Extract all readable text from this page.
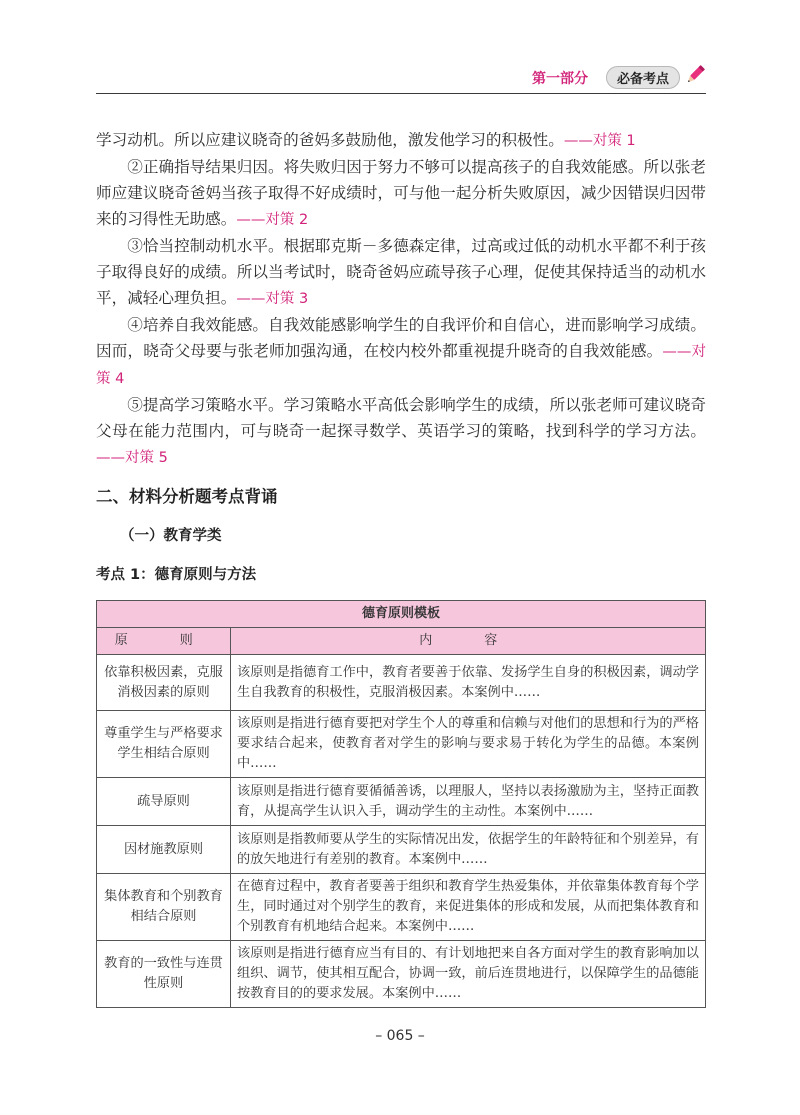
第一部分	必备考点

学习动机。所以应建议晓奇的爸妈多鼓励他，激发他学习的积极性。——对策 1

②正确指导结果归因。将失败归因于努力不够可以提高孩子的自我效能感。所以张老师应建议晓奇爸妈当孩子取得不好成绩时，可与他一起分析失败原因，减少因错误归因带来的习得性无助感。——对策 2

③恰当控制动机水平。根据耶克斯－多德森定律，过高或过低的动机水平都不利于孩子取得良好的成绩。所以当考试时，晓奇爸妈应疏导孩子心理，促使其保持适当的动机水平，减轻心理负担。——对策 3

④培养自我效能感。自我效能感影响学生的自我评价和自信心，进而影响学习成绩。因而，晓奇父母要与张老师加强沟通，在校内校外都重视提升晓奇的自我效能感。——对策 4

⑤提高学习策略水平。学习策略水平高低会影响学生的成绩，所以张老师可建议晓奇父母在能力范围内，可与晓奇一起探寻数学、英语学习的策略，找到科学的学习方法。——对策 5

二、材料分析题考点背诵
（一）教育学类
考点 1：德育原则与方法
德育原则模板	
原　则	内　容
依靠积极因素，克服消极因素的原则	该原则是指德育工作中，教育者要善于依靠、发扬学生自身的积极因素，调动学生自我教育的积极性，克服消极因素。本案例中……
尊重学生与严格要求学生相结合原则	该原则是指进行德育要把对学生个人的尊重和信赖与对他们的思想和行为的严格要求结合起来，使教育者对学生的影响与要求易于转化为学生的品德。本案例中……
疏导原则	该原则是指进行德育要循循善诱，以理服人，坚持以表扬激励为主，坚持正面教育，从提高学生认识入手，调动学生的主动性。本案例中……
因材施教原则	该原则是指教师要从学生的实际情况出发，依据学生的年龄特征和个别差异，有的放矢地进行有差别的教育。本案例中……
集体教育和个别教育相结合原则	在德育过程中，教育者要善于组织和教育学生热爱集体，并依靠集体教育每个学生，同时通过对个别学生的教育，来促进集体的形成和发展，从而把集体教育和个别教育有机地结合起来。本案例中……
教育的一致性与连贯性原则	该原则是指进行德育应当有目的、有计划地把来自各方面对学生的教育影响加以组织、调节，使其相互配合，协调一致，前后连贯地进行，以保障学生的品德能按教育目的的要求发展。本案例中……
– 065 –
